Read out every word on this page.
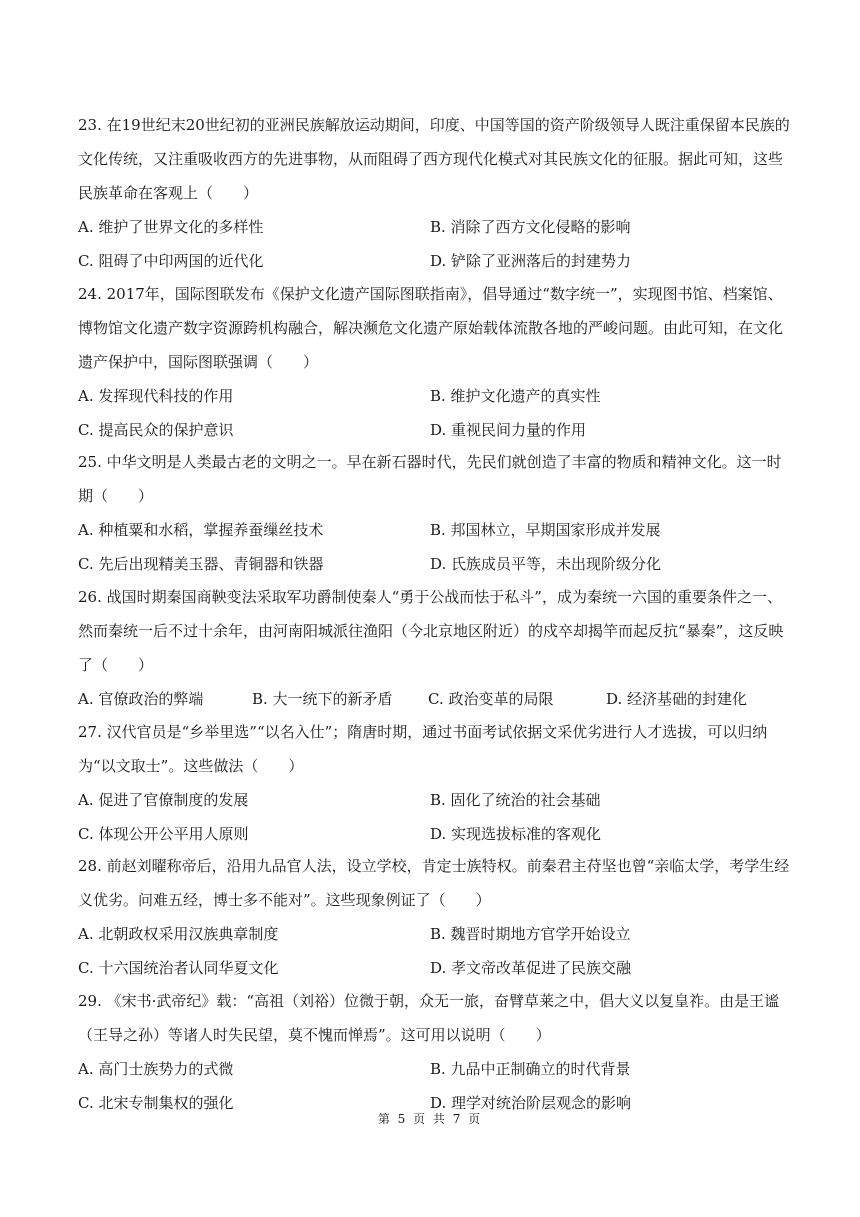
23. 在19世纪末20世纪初的亚洲民族解放运动期间，印度、中国等国的资产阶级领导人既注重保留本民族的文化传统，又注重吸收西方的先进事物，从而阻碍了西方现代化模式对其民族文化的征服。据此可知，这些民族革命在客观上（　　）

A. 维护了世界文化的多样性	B. 消除了西方文化侵略的影响
C. 阻碍了中印两国的近代化	D. 铲除了亚洲落后的封建势力

24. 2017年，国际图联发布《保护文化遗产国际图联指南》，倡导通过“数字统一”，实现图书馆、档案馆、博物馆文化遗产数字资源跨机构融合，解决濒危文化遗产原始载体流散各地的严峻问题。由此可知，在文化遗产保护中，国际图联强调（　　）

A. 发挥现代科技的作用	B. 维护文化遗产的真实性
C. 提高民众的保护意识	D. 重视民间力量的作用

25. 中华文明是人类最古老的文明之一。早在新石器时代，先民们就创造了丰富的物质和精神文化。这一时期（　　）

A. 种植粟和水稻，掌握养蚕缫丝技术	B. 邦国林立，早期国家形成并发展
C. 先后出现精美玉器、青铜器和铁器	D. 氏族成员平等，未出现阶级分化

26. 战国时期秦国商鞅变法采取军功爵制使秦人“勇于公战而怯于私斗”，成为秦统一六国的重要条件之一、然而秦统一后不过十余年，由河南阳城派往渔阳（今北京地区附近）的戍卒却揭竿而起反抗“暴秦”，这反映了（　　）

A. 官僚政治的弊端	B. 大一统下的新矛盾	C. 政治变革的局限	D. 经济基础的封建化

27. 汉代官员是“乡举里选”“以名入仕”；隋唐时期，通过书面考试依据文采优劣进行人才选拔，可以归纳为“以文取士”。这些做法（　　）

A. 促进了官僚制度的发展	B. 固化了统治的社会基础
C. 体现公开公平用人原则	D. 实现选拔标准的客观化

28. 前赵刘曜称帝后，沿用九品官人法，设立学校，肯定士族特权。前秦君主苻坚也曾“亲临太学，考学生经义优劣。问难五经，博士多不能对”。这些现象例证了（　　）

A. 北朝政权采用汉族典章制度	B. 魏晋时期地方官学开始设立
C. 十六国统治者认同华夏文化	D. 孝文帝改革促进了民族交融

29. 《宋书·武帝纪》载：“高祖（刘裕）位微于朝，众无一旅，奋臂草莱之中，倡大义以复皇祚。由是王谧（王导之孙）等诸人时失民望，莫不愧而惮焉”。这可用以说明（　　）

A. 高门士族势力的式微	B. 九品中正制确立的时代背景
C. 北宋专制集权的强化	D. 理学对统治阶层观念的影响
第 5 页 共 7 页
